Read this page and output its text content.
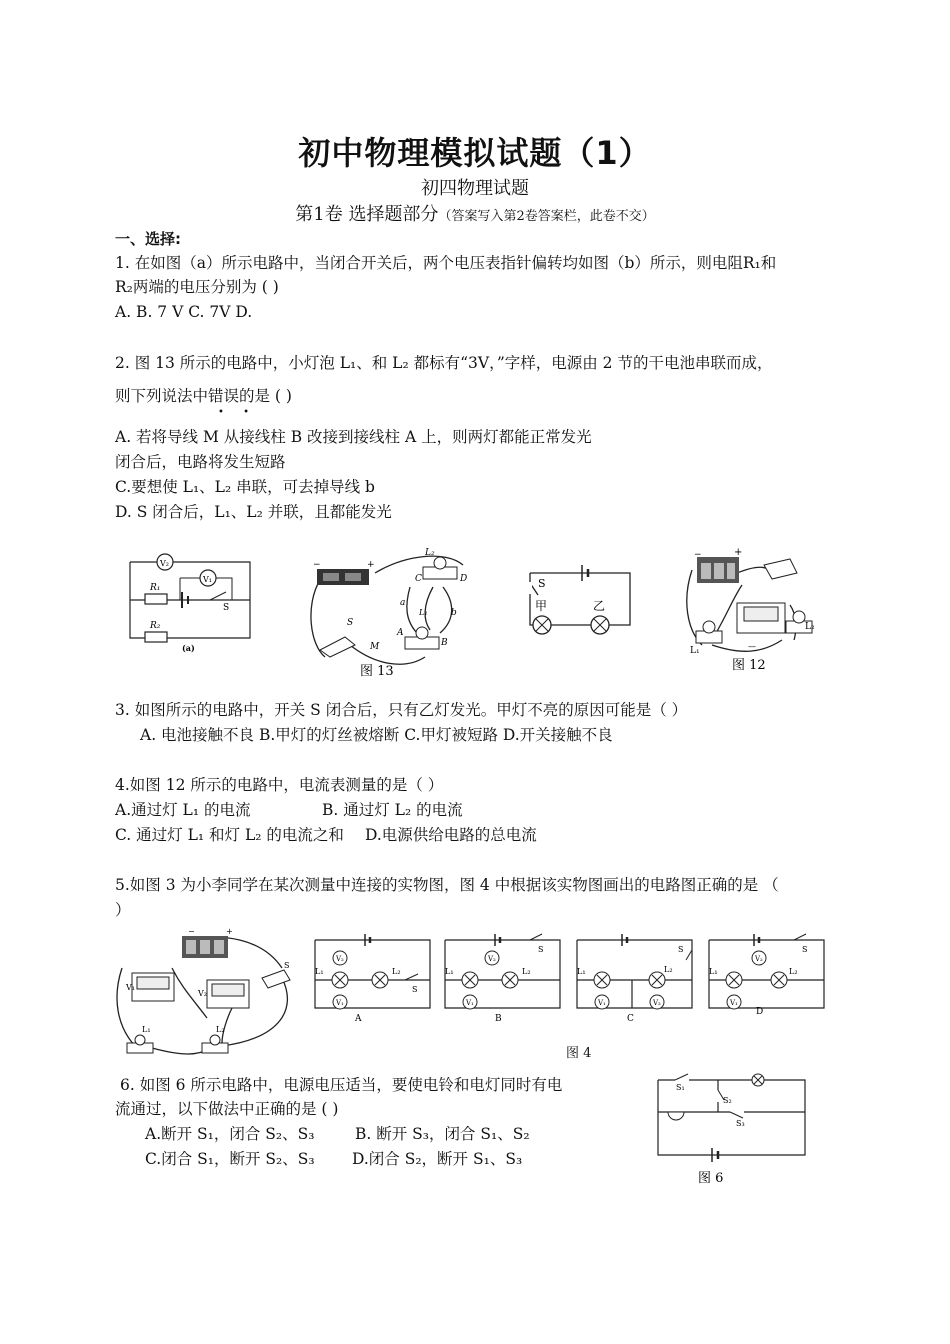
初中物理模拟试题（1）
初四物理试题
第1卷 选择题部分（答案写入第2卷答案栏，此卷不交）
一、选择:
1. 在如图（a）所示电路中，当闭合开关后，两个电压表指针偏转均如图（b）所示，则电阻R₁和
R₂两端的电压分别为 ( )
A. B. 7 V C. 7V D.
2. 图 13 所示的电路中，小灯泡 L₁、和 L₂ 都标有“3V，”字样，电源由 2 节的干电池串联而成，
则下列说法中错误的是 ( )
• •
A. 若将导线 M 从接线柱 B 改接到接线柱 A 上，则两灯都能正常发光
闭合后，电路将发生短路
C.要想使 L₁、L₂ 串联，可去掉导线 b
D. S 闭合后，L₁、L₂ 并联，且都能发光
V₂
V₁
R₁
R₂
S
(a)
−	+
L₂
C	D
a
b
L₁
A
B
S
M
图 13
S
甲	乙
−	+
L₁
L₂
—
图 12
3. 如图所示的电路中，开关 S 闭合后，只有乙灯发光。甲灯不亮的原因可能是（ ）
A. 电池接触不良 B.甲灯的灯丝被熔断 C.甲灯被短路 D.开关接触不良
4.如图 12 所示的电路中，电流表测量的是（ ）
A.通过灯 L₁ 的电流	B. 通过灯 L₂ 的电流
C. 通过灯 L₁ 和灯 L₂ 的电流之和 D.电源供给电路的总电流
5.如图 3 为小李同学在某次测量中连接的实物图，图 4 中根据该实物图画出的电路图正确的是 （
）
V₁
V₂
S
L₁	L₂
−	+
V₂
V₁
L₁	L₂
S
A
V₂
V₁
L₁	L₂
S
B
V₁	V₂
L₁	L₂
S
C
V₂
V₁
L₁	L₂
S
D
图 4
6. 如图 6 所示电路中，电源电压适当，要使电铃和电灯同时有电
流通过，以下做法中正确的是 ( )
A.断开 S₁，闭合 S₂、S₃	B. 断开 S₃，闭合 S₁、S₂
C.闭合 S₁，断开 S₂、S₃ D.闭合 S₂，断开 S₁、S₃
S₁
S₂
S₃
图 6
